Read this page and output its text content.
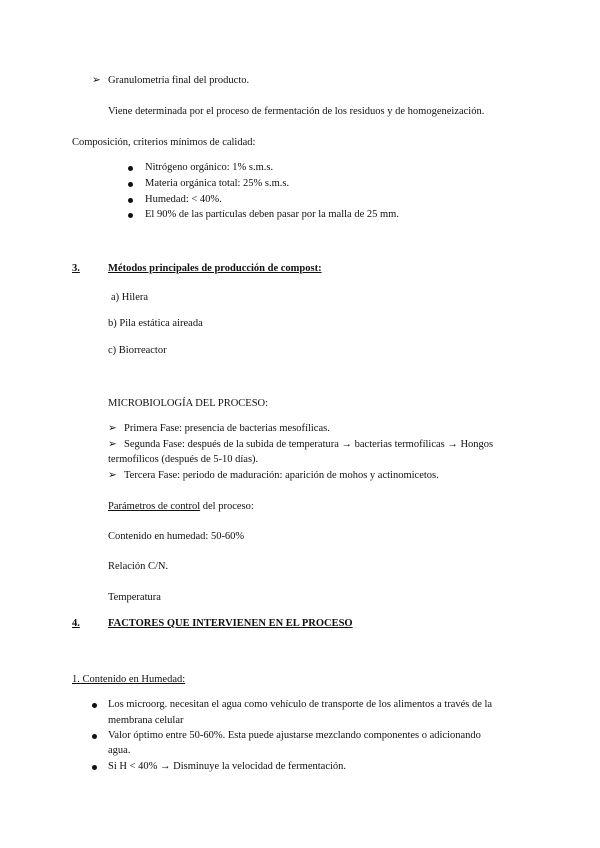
➢ Granulometría final del producto.
Viene determinada por el proceso de fermentación de los residuos y de homogeneización.
Composición, criterios mínimos de calidad:
Nitrógeno orgánico: 1% s.m.s.
Materia orgánica total: 25% s.m.s.
Humedad: < 40%.
El 90% de las partículas deben pasar por la malla de 25 mm.
3.	Métodos principales de producción de compost:
a) Hilera
b) Pila estática aireada
c) Biorreactor
MICROBIOLOGÍA DEL PROCESO:
➢ Primera Fase: presencia de bacterias mesofílicas.
➢ Segunda Fase: después de la subida de temperatura → bacterias termofílicas → Hongos
termofílicos (después de 5-10 días).
➢ Tercera Fase: periodo de maduración: aparición de mohos y actinomicetos.
Parámetros de control del proceso:
Contenido en humedad: 50-60%
Relación C/N.
Temperatura
4.	FACTORES QUE INTERVIENEN EN EL PROCESO
1. Contenido en Humedad:
Los microorg. necesitan el agua como vehículo de transporte de los alimentos a través de la
membrana celular
Valor óptimo entre 50-60%. Esta puede ajustarse mezclando componentes o adicionando
agua.
Si H < 40% → Disminuye la velocidad de fermentación.
